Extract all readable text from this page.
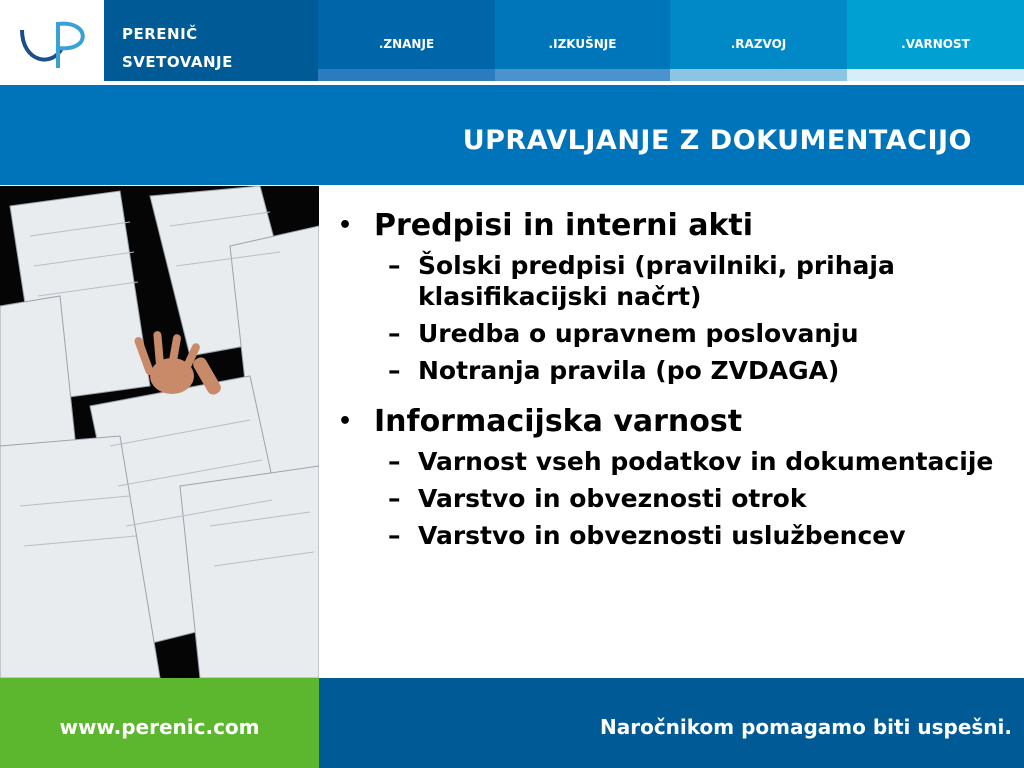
PERENIČ
SVETOVANJE
.ZNANJE	.IZKUŠNJE	.RAZVOJ	.VARNOST
UPRAVLJANJE Z DOKUMENTACIJO
• Predpisi in interni akti
– Šolski predpisi (pravilniki, prihaja klasifikacijski načrt)
– Uredba o upravnem poslovanju
– Notranja pravila (po ZVDAGA)
• Informacijska varnost
– Varnost vseh podatkov in dokumentacije
– Varstvo in obveznosti otrok
– Varstvo in obveznosti uslužbencev
www.perenic.com	Naročnikom pomagamo biti uspešni.
